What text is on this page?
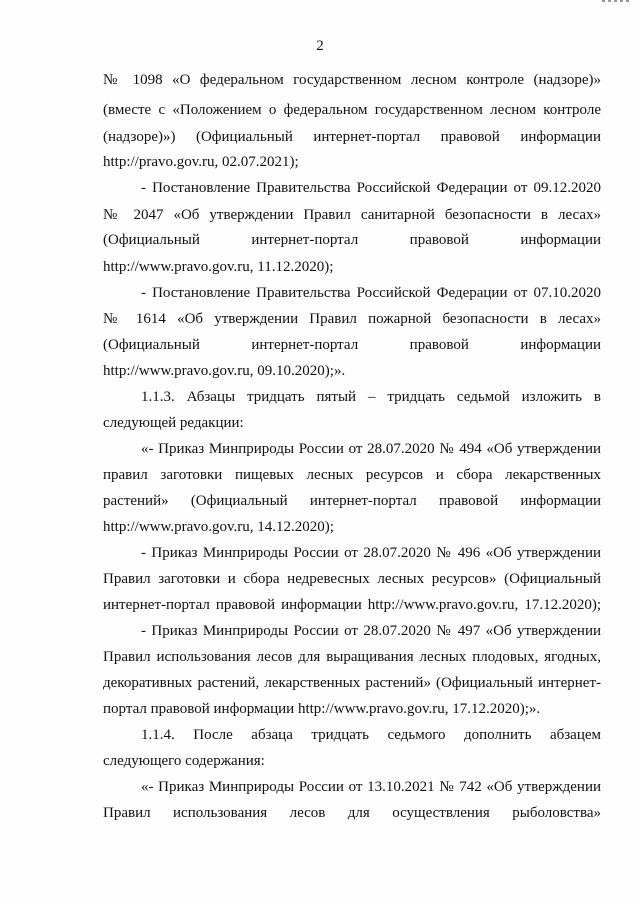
2
№ 1098 «О федеральном государственном лесном контроле (надзоре)»
(вместе с «Положением о федеральном государственном лесном контроле
(надзоре)») (Официальный интернет-портал правовой информации
http://pravo.gov.ru, 02.07.2021);
- Постановление Правительства Российской Федерации от 09.12.2020
№ 2047 «Об утверждении Правил санитарной безопасности в лесах»
(Официальный интернет-портал правовой информации
http://www.pravo.gov.ru, 11.12.2020);
- Постановление Правительства Российской Федерации от 07.10.2020
№ 1614 «Об утверждении Правил пожарной безопасности в лесах»
(Официальный интернет-портал правовой информации
http://www.pravo.gov.ru, 09.10.2020);».
1.1.3. Абзацы тридцать пятый – тридцать седьмой изложить в
следующей редакции:
«- Приказ Минприроды России от 28.07.2020 № 494 «Об утверждении
правил заготовки пищевых лесных ресурсов и сбора лекарственных
растений» (Официальный интернет-портал правовой информации
http://www.pravo.gov.ru, 14.12.2020);
- Приказ Минприроды России от 28.07.2020 № 496 «Об утверждении
Правил заготовки и сбора недревесных лесных ресурсов» (Официальный
интернет-портал правовой информации http://www.pravo.gov.ru, 17.12.2020);
- Приказ Минприроды России от 28.07.2020 № 497 «Об утверждении
Правил использования лесов для выращивания лесных плодовых, ягодных,
декоративных растений, лекарственных растений» (Официальный интернет-
портал правовой информации http://www.pravo.gov.ru, 17.12.2020);».
1.1.4. После абзаца тридцать седьмого дополнить абзацем
следующего содержания:
«- Приказ Минприроды России от 13.10.2021 № 742 «Об утверждении
Правил использования лесов для осуществления рыболовства»
